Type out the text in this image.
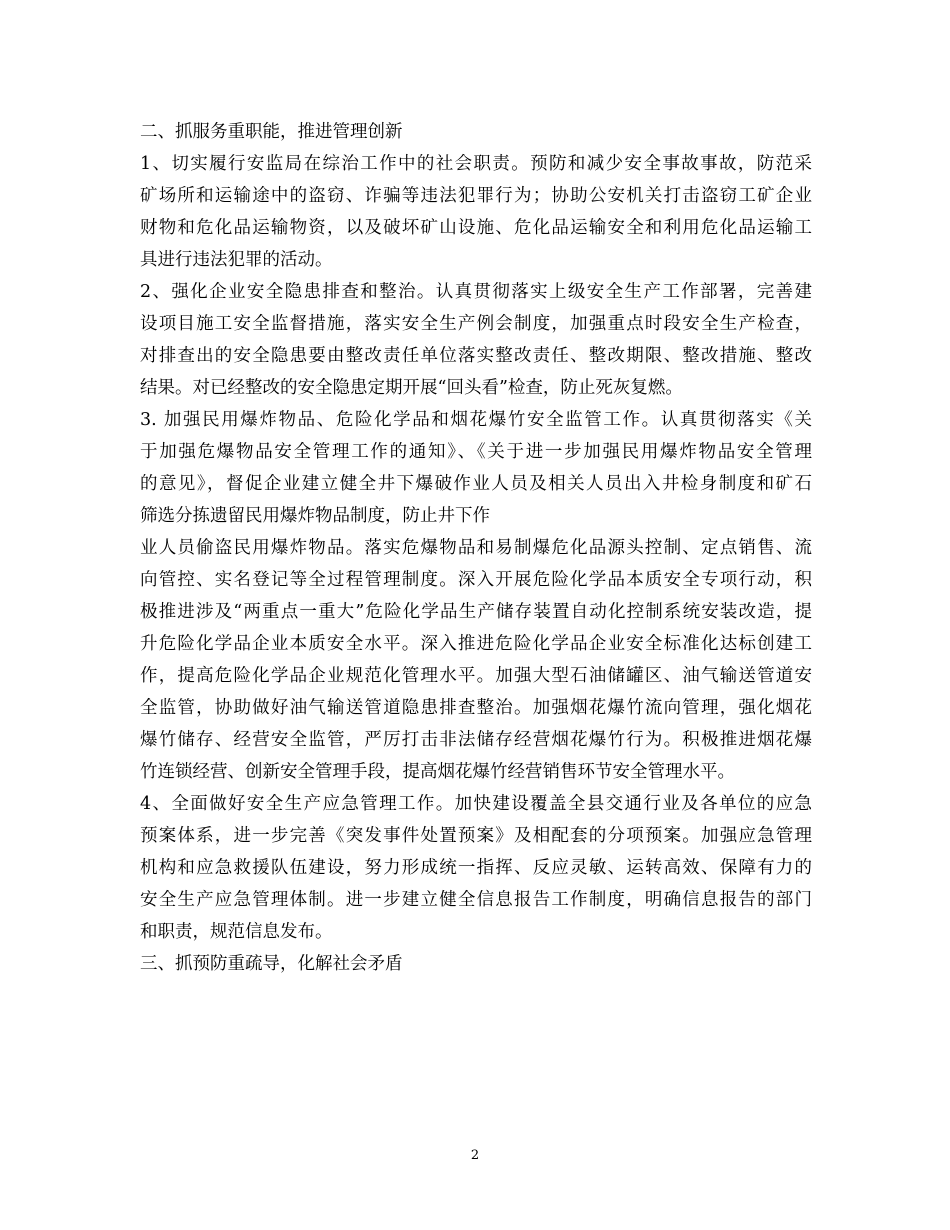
二、抓服务重职能，推进管理创新
1、切实履行安监局在综治工作中的社会职责。预防和减少安全事故事故，防范采
矿场所和运输途中的盗窃、诈骗等违法犯罪行为；协助公安机关打击盗窃工矿企业
财物和危化品运输物资，以及破坏矿山设施、危化品运输安全和利用危化品运输工
具进行违法犯罪的活动。
2、强化企业安全隐患排查和整治。认真贯彻落实上级安全生产工作部署，完善建
设项目施工安全监督措施，落实安全生产例会制度，加强重点时段安全生产检查，
对排查出的安全隐患要由整改责任单位落实整改责任、整改期限、整改措施、整改
结果。对已经整改的安全隐患定期开展“回头看”检查，防止死灰复燃。
3. 加强民用爆炸物品、危险化学品和烟花爆竹安全监管工作。认真贯彻落实《关
于加强危爆物品安全管理工作的通知》、《关于进一步加强民用爆炸物品安全管理
的意见》，督促企业建立健全井下爆破作业人员及相关人员出入井检身制度和矿石
筛选分拣遗留民用爆炸物品制度，防止井下作
业人员偷盗民用爆炸物品。落实危爆物品和易制爆危化品源头控制、定点销售、流
向管控、实名登记等全过程管理制度。深入开展危险化学品本质安全专项行动，积
极推进涉及“两重点一重大”危险化学品生产储存装置自动化控制系统安装改造，提
升危险化学品企业本质安全水平。深入推进危险化学品企业安全标准化达标创建工
作，提高危险化学品企业规范化管理水平。加强大型石油储罐区、油气输送管道安
全监管，协助做好油气输送管道隐患排查整治。加强烟花爆竹流向管理，强化烟花
爆竹储存、经营安全监管，严厉打击非法储存经营烟花爆竹行为。积极推进烟花爆
竹连锁经营、创新安全管理手段，提高烟花爆竹经营销售环节安全管理水平。
4、全面做好安全生产应急管理工作。加快建设覆盖全县交通行业及各单位的应急
预案体系，进一步完善《突发事件处置预案》及相配套的分项预案。加强应急管理
机构和应急救援队伍建设，努力形成统一指挥、反应灵敏、运转高效、保障有力的
安全生产应急管理体制。进一步建立健全信息报告工作制度，明确信息报告的部门
和职责，规范信息发布。
三、抓预防重疏导，化解社会矛盾
2
